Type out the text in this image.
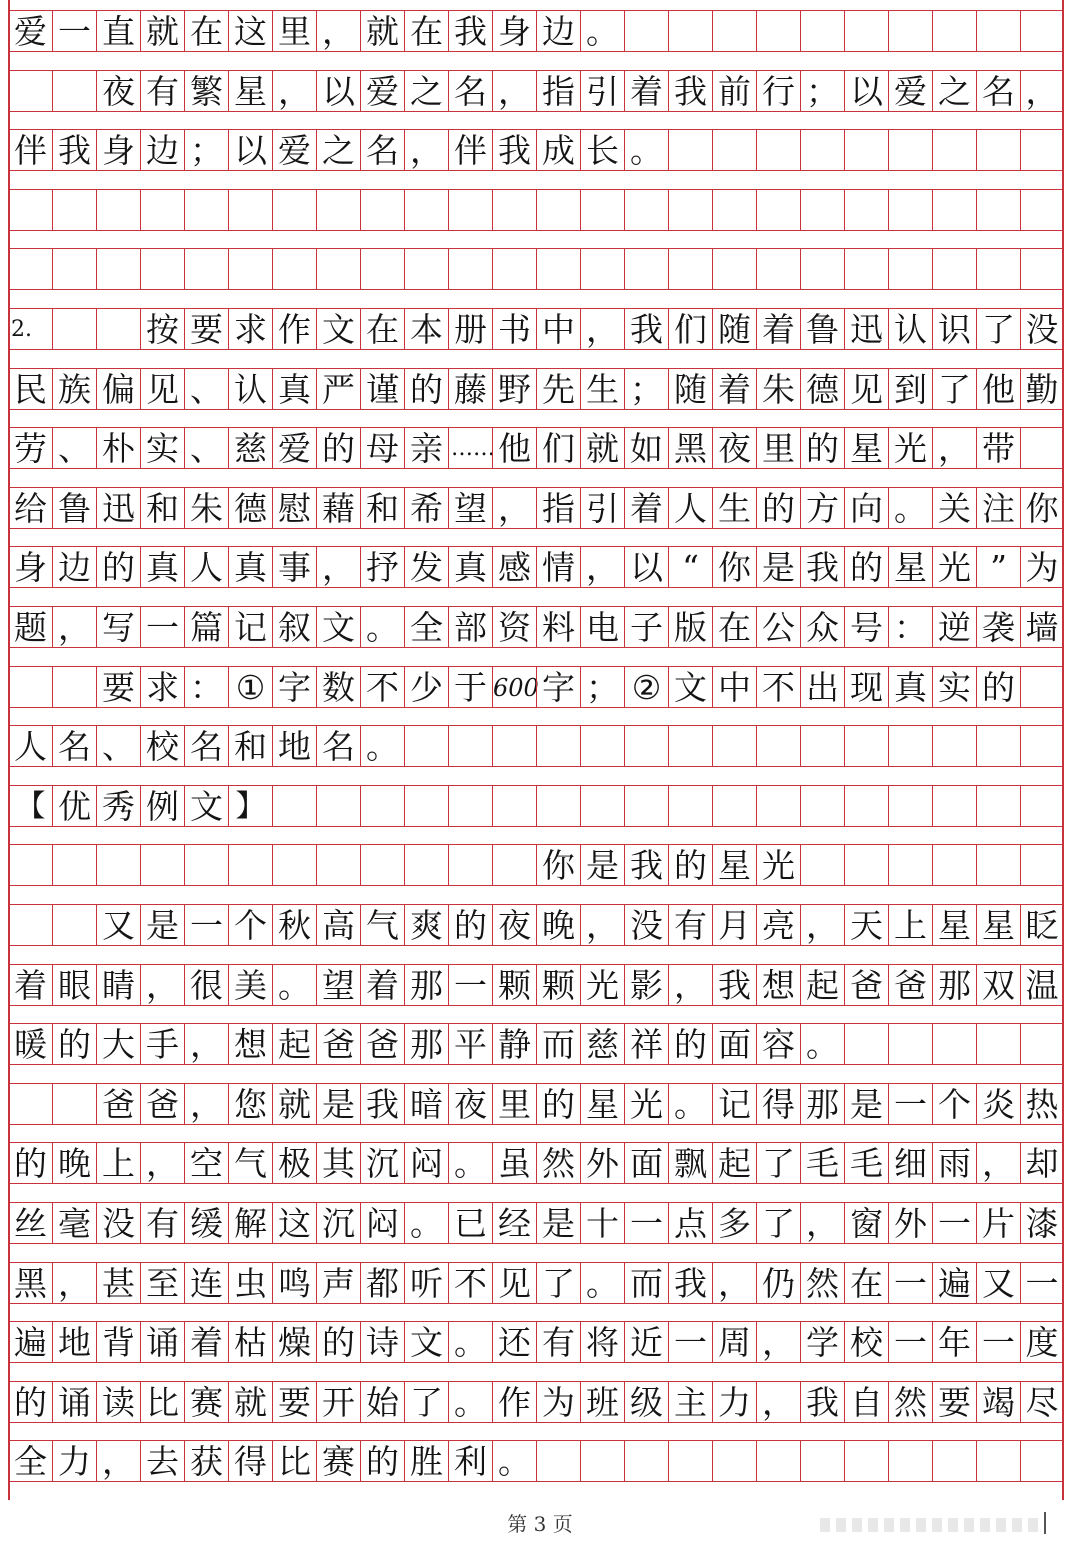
爱 一 直 就 在 这 里 ， 就 在 我 身 边 。
夜 有 繁 星 ， 以 爱 之 名 ， 指 引 着 我 前 行 ； 以 爱 之 名 ，
伴 我 身 边 ； 以 爱 之 名 ， 伴 我 成 长 。
2.	按 要 求 作 文 在 本 册 书 中 ， 我 们 随 着 鲁 迅 认 识 了 没
民 族 偏 见 、 认 真 严 谨 的 藤 野 先 生 ； 随 着 朱 德 见 到 了 他 勤
劳 、 朴 实 、 慈 爱 的 母 亲 …… 他 们 就 如 黑 夜 里 的 星 光 ， 带
给 鲁 迅 和 朱 德 慰 藉 和 希 望 ， 指 引 着 人 生 的 方 向 。 关 注 你
身 边 的 真 人 真 事 ， 抒 发 真 感 情 ， 以 “ 你 是 我 的 星 光 ” 为
题 ， 写 一 篇 记 叙 文 。 全 部 资 料 电 子 版 在 公 众 号 ： 逆 袭 墙
要 求 ： ① 字 数 不 少 于 600 字 ； ② 文 中 不 出 现 真 实 的
人 名 、 校 名 和 地 名 。
【 优 秀 例 文 】
你 是 我 的 星 光
又 是 一 个 秋 高 气 爽 的 夜 晚 ， 没 有 月 亮 ， 天 上 星 星 眨
着 眼 睛 ， 很 美 。 望 着 那 一 颗 颗 光 影 ， 我 想 起 爸 爸 那 双 温
暖 的 大 手 ， 想 起 爸 爸 那 平 静 而 慈 祥 的 面 容 。
爸 爸 ， 您 就 是 我 暗 夜 里 的 星 光 。 记 得 那 是 一 个 炎 热
的 晚 上 ， 空 气 极 其 沉 闷 。 虽 然 外 面 飘 起 了 毛 毛 细 雨 ， 却
丝 毫 没 有 缓 解 这 沉 闷 。 已 经 是 十 一 点 多 了 ， 窗 外 一 片 漆
黑 ， 甚 至 连 虫 鸣 声 都 听 不 见 了 。 而 我 ， 仍 然 在 一 遍 又 一
遍 地 背 诵 着 枯 燥 的 诗 文 。 还 有 将 近 一 周 ， 学 校 一 年 一 度
的 诵 读 比 赛 就 要 开 始 了 。 作 为 班 级 主 力 ， 我 自 然 要 竭 尽
全 力 ， 去 获 得 比 赛 的 胜 利 。
第 3 页
